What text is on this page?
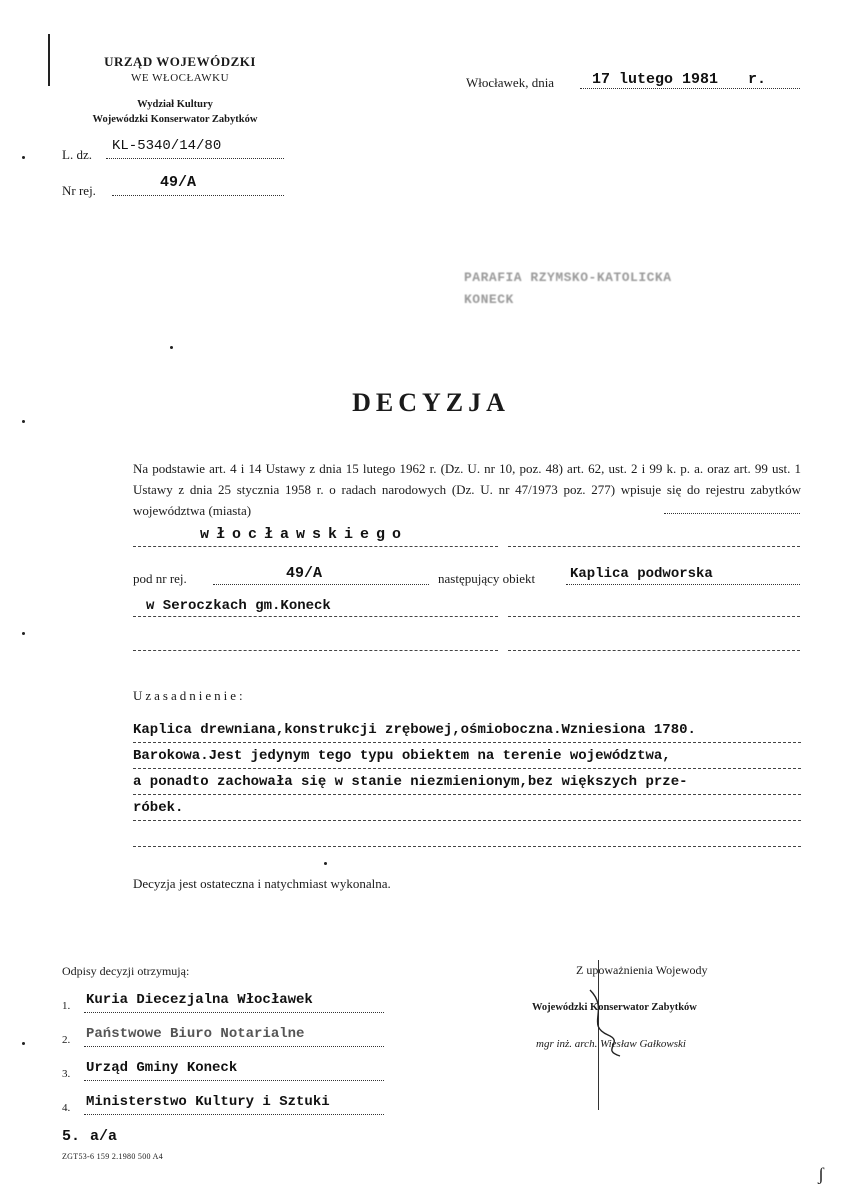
URZĄD WOJEWÓDZKI
WE WŁOCŁAWKU
Wydział Kultury
Wojewódzki Konserwator Zabytków
L. dz.
KL-5340/14/80
Nr rej.	49/A
Włocławek, dnia	17 lutego 1981 r.
PARAFIA RZYMSKO-KATOLICKA
KONECK
DECYZJA
Na podstawie art. 4 i 14 Ustawy z dnia 15 lutego 1962 r. (Dz. U. nr 10, poz. 48) art. 62, ust. 2 i 99 k. p. a. oraz art. 99 ust. 1 Ustawy z dnia 25 stycznia 1958 r. o radach narodowych (Dz. U. nr 47/1973 poz. 277) wpisuje się do rejestru zabytków województwa (miasta)
włocławskiego
pod nr rej.	49/A	następujący obiekt Kaplica podworska
w Seroczkach gm.Koneck
Uzasadnienie:
Kaplica drewniana,konstrukcji zrębowej,ośmioboczna.Wzniesiona 1780.
Barokowa.Jest jedynym tego typu obiektem na terenie województwa,
a ponadto zachowała się w stanie niezmienionym,bez większych prze-
róbek.
Decyzja jest ostateczna i natychmiast wykonalna.
Odpisy decyzji otrzymują:
1. Kuria Diecezjalna Włocławek
2. Państwowe Biuro Notarialne
3. Urząd Gminy Koneck
4. Ministerstwo Kultury i Sztuki
5. a/a
ZGT53-6 159 2.1980 500 A4
Z upoważnienia Wojewody
Wojewódzki Konserwator Zabytków
mgr inż. arch. Wiesław Gałkowski
ʃ
